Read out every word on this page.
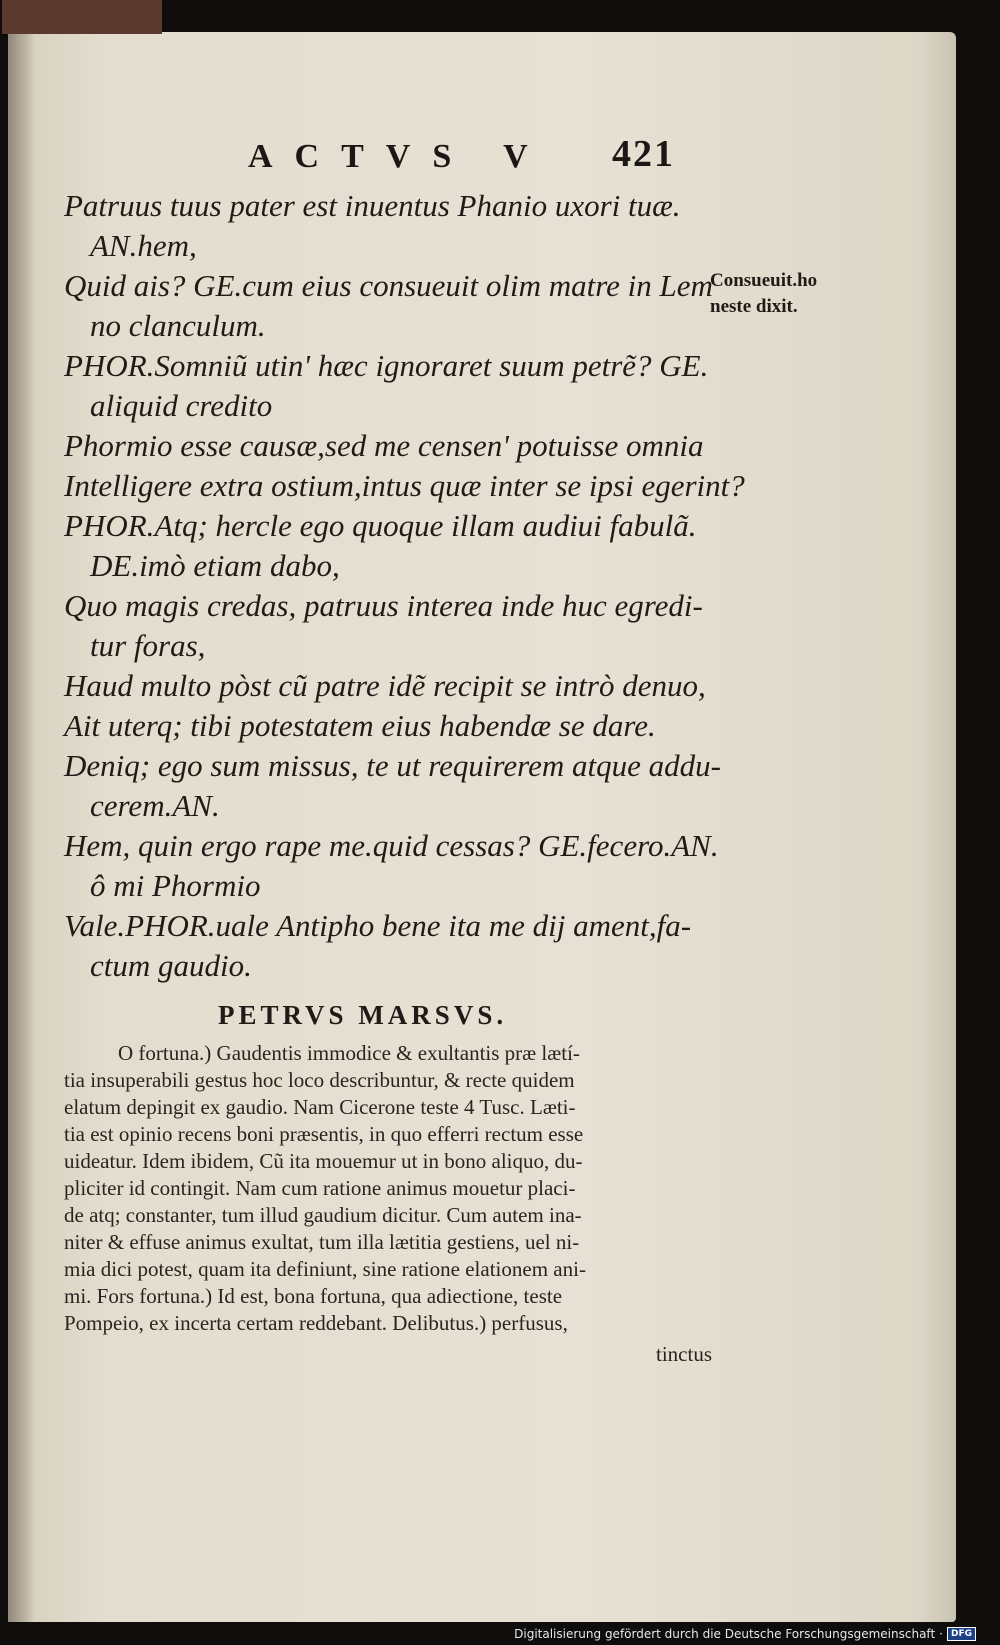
ACTVS V 421
Patruus tuus pater est inuentus Phanio uxori tuæ.
AN.hem,
Quid ais? GE.cum eius consueuit olim matre in Lem
no clanculum.
PHOR.Somniũ utin' hæc ignoraret suum petrẽ? GE.
aliquid credito
Phormio esse causæ,sed me censen' potuisse omnia
Intelligere extra ostium,intus quæ inter se ipsi egerint?
PHOR.Atq; hercle ego quoque illam audiui fabulã.
DE.imò etiam dabo,
Quo magis credas, patruus interea inde huc egredi-
tur foras,
Haud multo pòst cũ patre idẽ recipit se intrò denuo,
Ait uterq; tibi potestatem eius habendæ se dare.
Deniq; ego sum missus, te ut requirerem atque addu-
cerem.AN.
Hem, quin ergo rape me.quid cessas? GE.fecero.AN.
ô mi Phormio
Vale.PHOR.uale Antipho bene ita me dij ament,fa-
ctum gaudio.
Consueuit.ho
neste dixit.
PETRVS MARSVS.
O fortuna.) Gaudentis immodice & exultantis præ lætí-
tia insuperabili gestus hoc loco describuntur, & recte quidem
elatum depingit ex gaudio. Nam Cicerone teste 4 Tusc. Læti-
tia est opinio recens boni præsentis, in quo efferri rectum esse
uideatur. Idem ibidem, Cũ ita mouemur ut in bono aliquo, du-
pliciter id contingit. Nam cum ratione animus mouetur placi-
de atq; constanter, tum illud gaudium dicitur. Cum autem ina-
niter & effuse animus exultat, tum illa lætitia gestiens, uel ni-
mia dici potest, quam ita definiunt, sine ratione elationem ani-
mi. Fors fortuna.) Id est, bona fortuna, qua adiectione, teste
Pompeio, ex incerta certam reddebant. Delibutus.) perfusus,
tinctus
Digitalisierung gefördert durch die Deutsche Forschungsgemeinschaft · DFG
